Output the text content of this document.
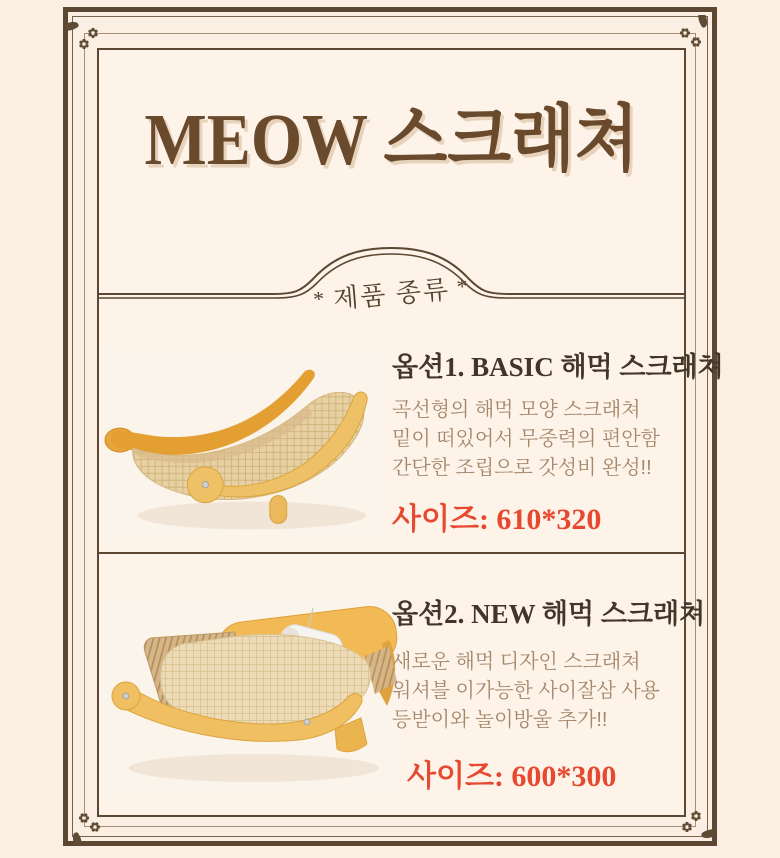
MEOW 스크래쳐
* 제품 종류 *
옵션1. BASIC 해먹 스크래쳐
곡선형의 해먹 모양 스크래쳐
밑이 떠있어서 무중력의 편안함
간단한 조립으로 갓성비 완성!!
사이즈: 610*320
옵션2. NEW 해먹 스크래쳐
새로운 해먹 디자인 스크래쳐
워셔블 이가능한 사이잘삼 사용
등받이와 놀이방울 추가!!
사이즈: 600*300
